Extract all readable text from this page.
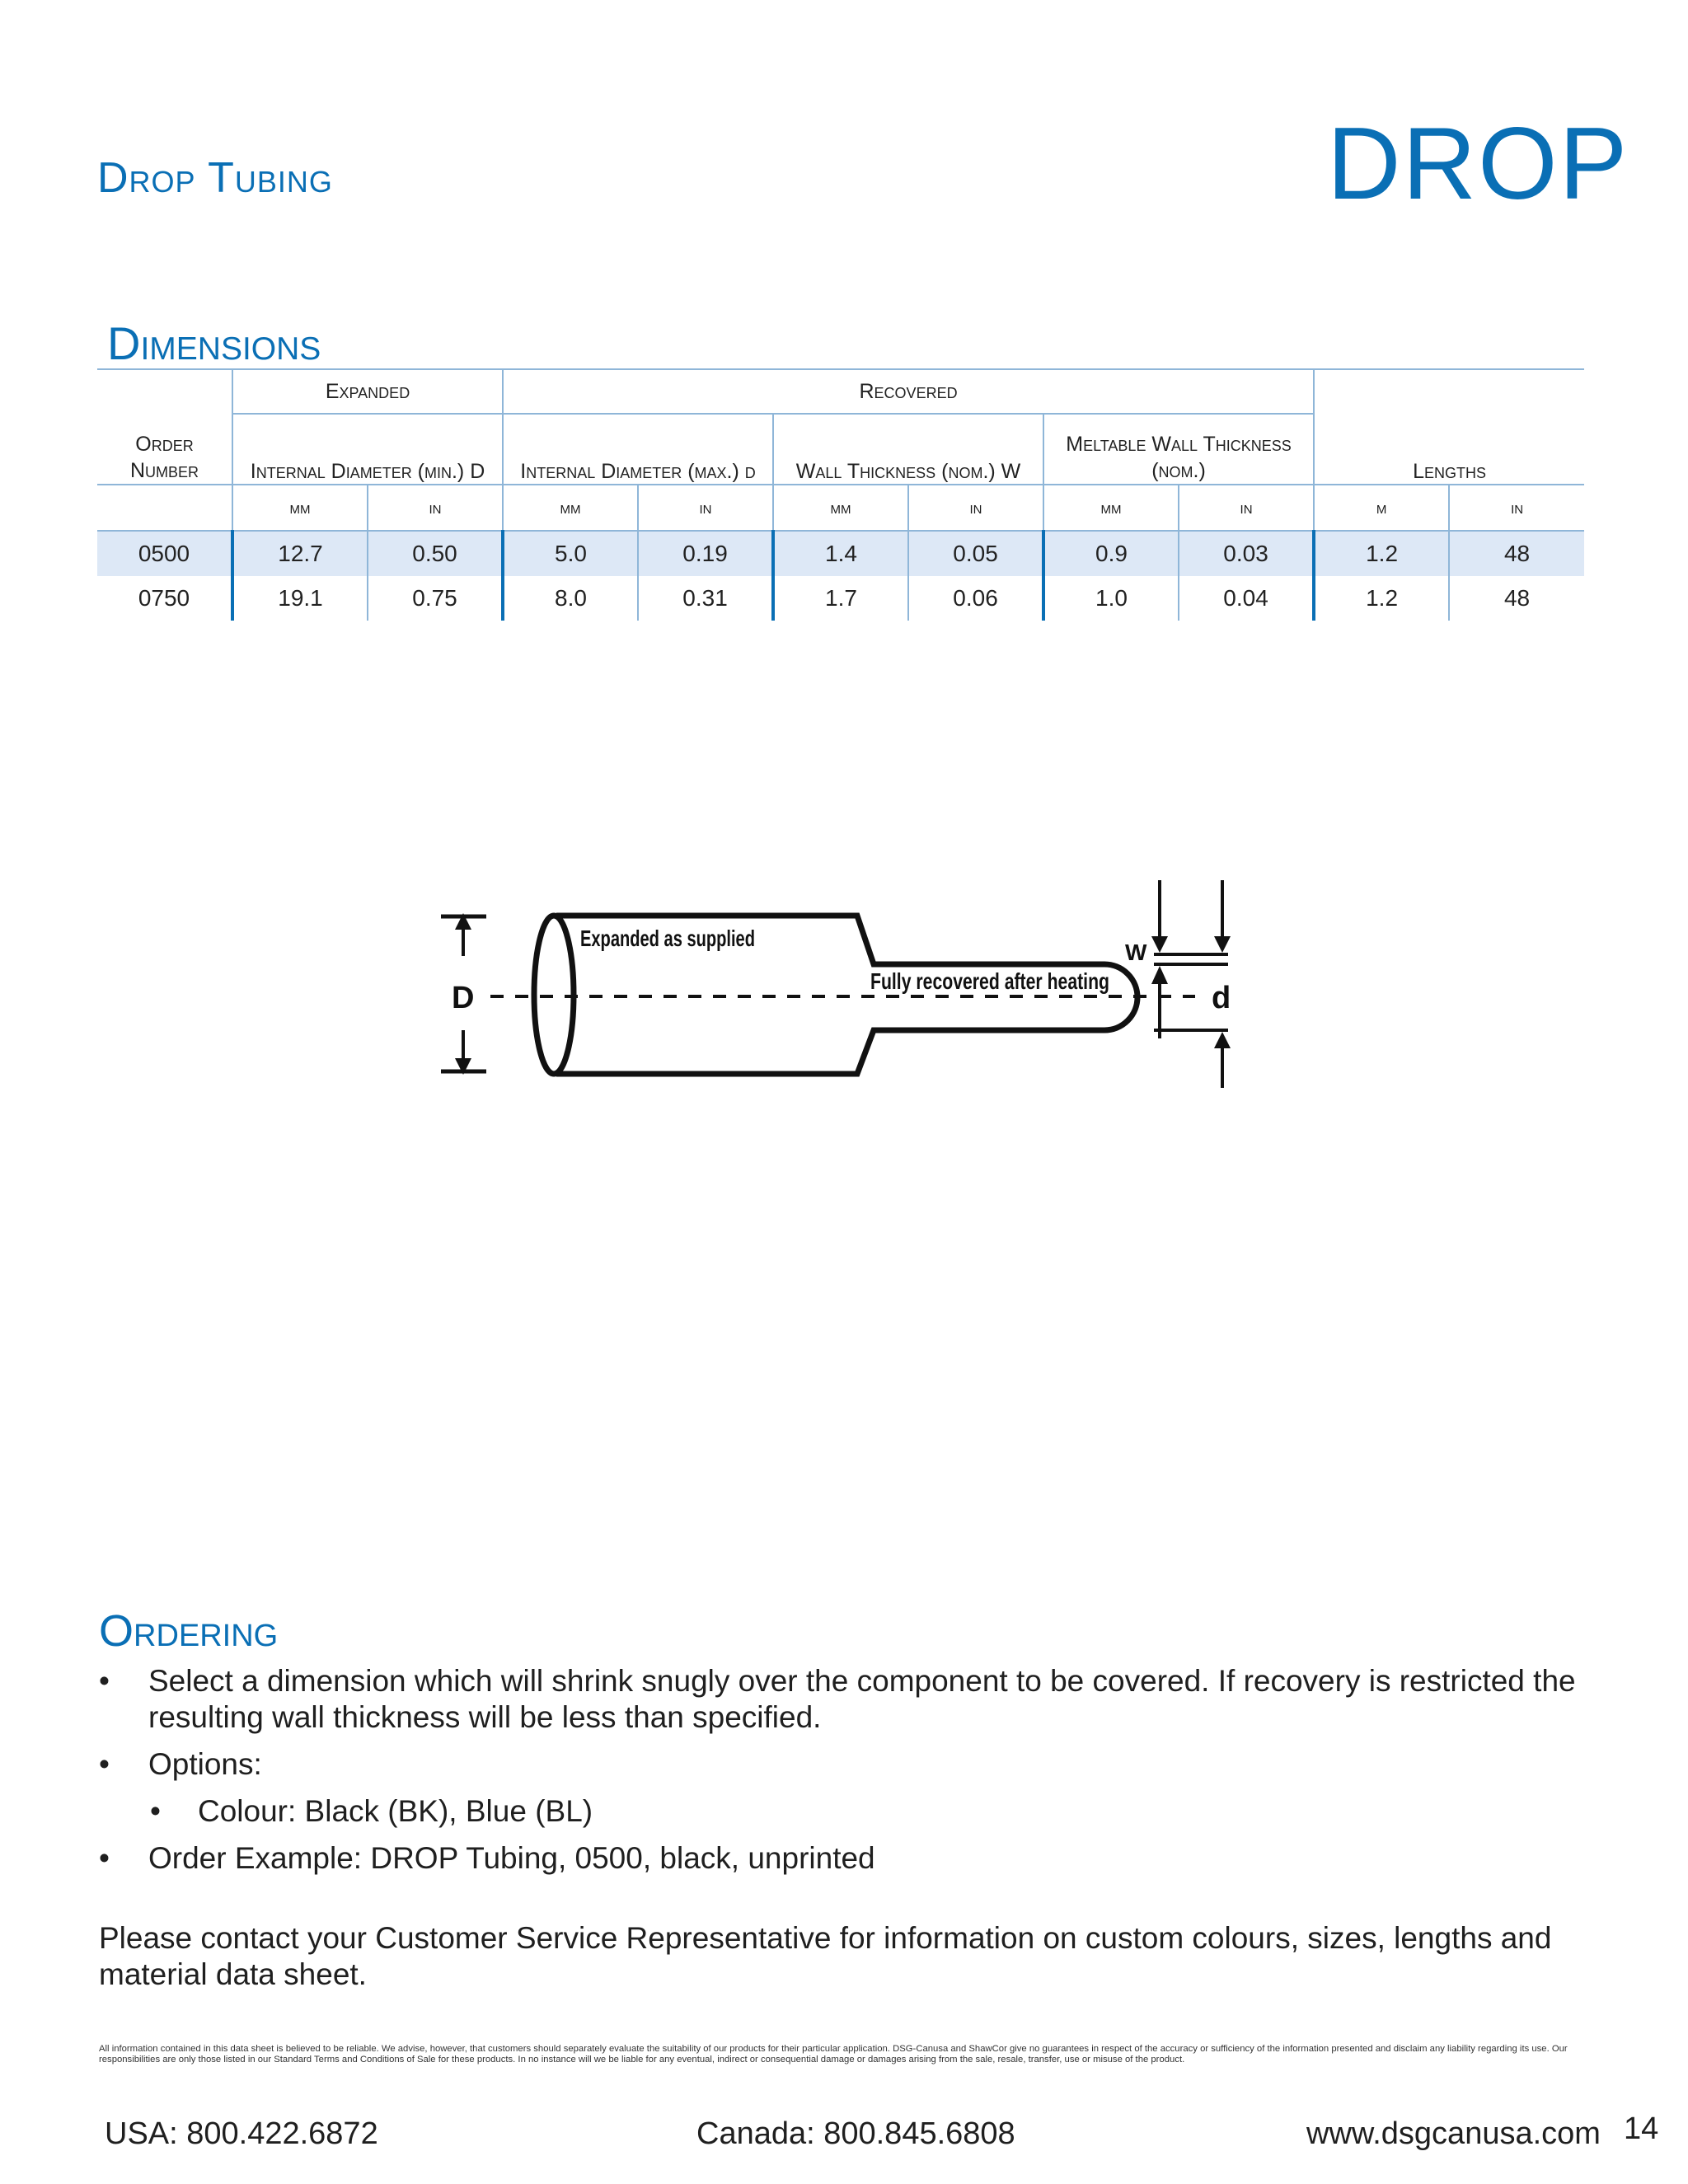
Drop Tubing	DROP
Dimensions
	Expanded		Recovered							
Order Number	Internal Diameter (min.) D		Internal Diameter (max.) d		Wall Thickness (nom.) W		Meltable Wall Thickness (nom.)		Lengths	
	mm	in	mm	in	mm	in	mm	in	m	in
0500	12.7	0.50	5.0	0.19	1.4	0.05	0.9	0.03	1.2	48
0750	19.1	0.75	8.0	0.31	1.7	0.06	1.0	0.04	1.2	48
D	d
W
Expanded as supplied
Fully recovered after heating
Ordering
• Select a dimension which will shrink snugly over the component to be covered. If recovery is restricted the resulting wall thickness will be less than specified.
• Options:
• Colour: Black (BK), Blue (BL)
• Order Example: DROP Tubing, 0500, black, unprinted
Please contact your Customer Service Representative for information on custom colours, sizes, lengths and material data sheet.
All information contained in this data sheet is believed to be reliable. We advise, however, that customers should separately evaluate the suitability of our products for their particular application. DSG-Canusa and ShawCor give no guarantees in respect of the accuracy or sufficiency of the information presented and disclaim any liability regarding its use. Our responsibilities are only those listed in our Standard Terms and Conditions of Sale for these products. In no instance will we be liable for any eventual, indirect or consequential damage or damages arising from the sale, resale, transfer, use or misuse of the product.
USA: 800.422.6872	Canada: 800.845.6808	www.dsgcanusa.com 14
